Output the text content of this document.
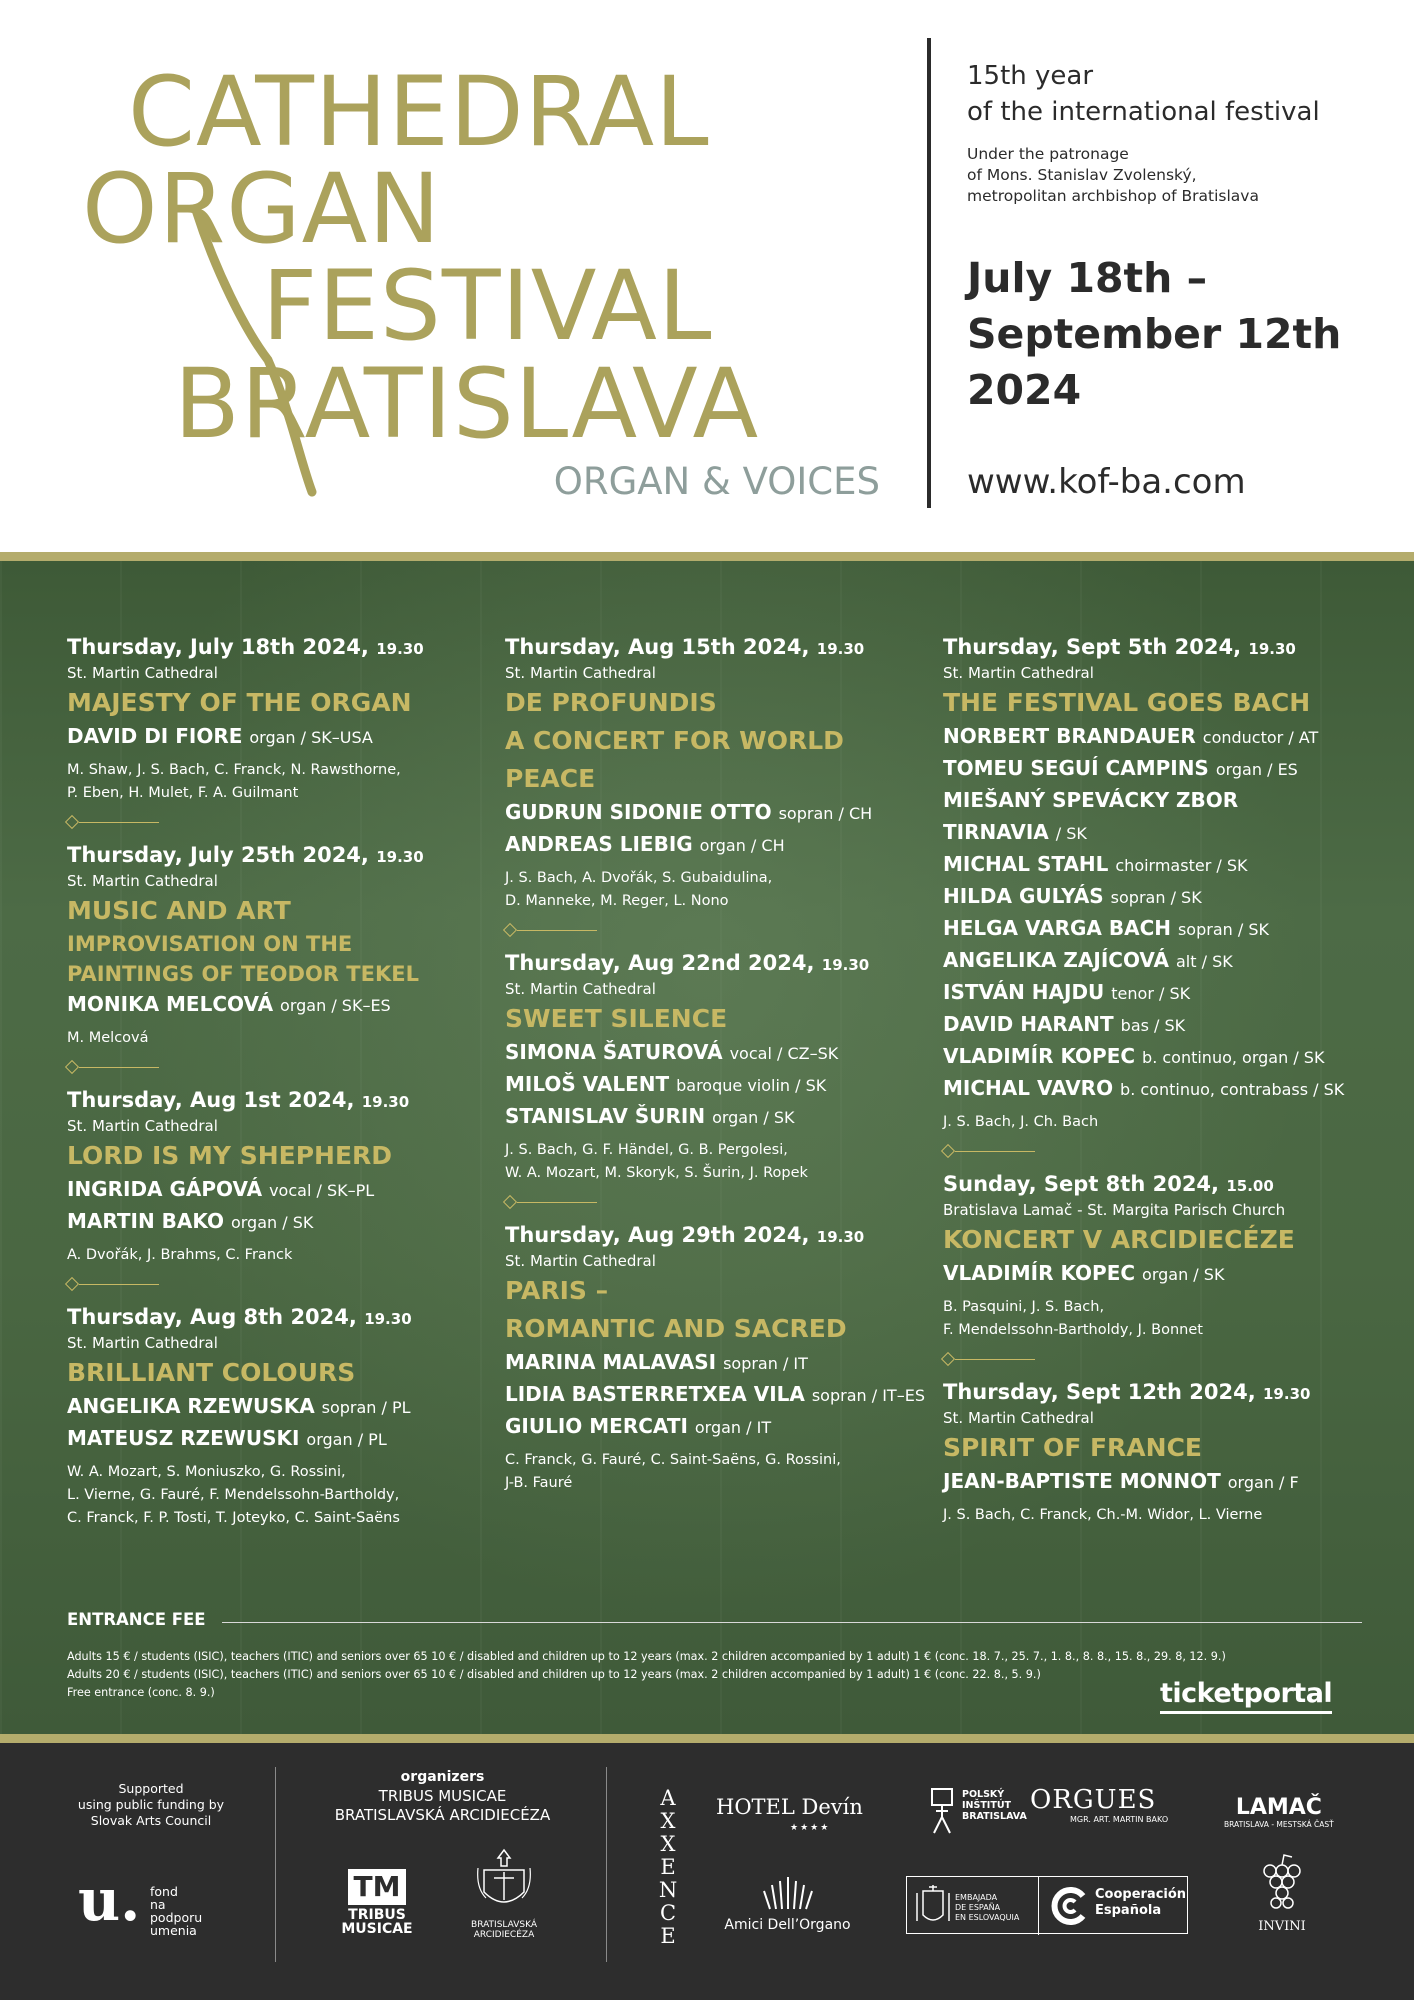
CATHEDRAL
ORGAN
FESTIVAL
BRATISLAVA
ORGAN & VOICES
15th year
of the international festival
Under the patronage
of Mons. Stanislav Zvolenský,
metropolitan archbishop of Bratislava
July 18th –
September 12th
2024
www.kof-ba.com
Thursday, July 18th 2024, 19.30
St. Martin Cathedral
MAJESTY OF THE ORGAN
DAVID DI FIORE organ / SK–USA
M. Shaw, J. S. Bach, C. Franck, N. Rawsthorne,
P. Eben, H. Mulet, F. A. Guilmant
Thursday, July 25th 2024, 19.30
St. Martin Cathedral
MUSIC AND ART
IMPROVISATION ON THE
PAINTINGS OF TEODOR TEKEL
MONIKA MELCOVÁ organ / SK–ES
M. Melcová
Thursday, Aug 1st 2024, 19.30
St. Martin Cathedral
LORD IS MY SHEPHERD
INGRIDA GÁPOVÁ vocal / SK–PL
MARTIN BAKO organ / SK
A. Dvořák, J. Brahms, C. Franck
Thursday, Aug 8th 2024, 19.30
St. Martin Cathedral
BRILLIANT COLOURS
ANGELIKA RZEWUSKA sopran / PL
MATEUSZ RZEWUSKI organ / PL
W. A. Mozart, S. Moniuszko, G. Rossini,
L. Vierne, G. Fauré, F. Mendelssohn-Bartholdy,
C. Franck, F. P. Tosti, T. Joteyko, C. Saint-Saëns
Thursday, Aug 15th 2024, 19.30
St. Martin Cathedral
DE PROFUNDIS
A CONCERT FOR WORLD
PEACE
GUDRUN SIDONIE OTTO sopran / CH
ANDREAS LIEBIG organ / CH
J. S. Bach, A. Dvořák, S. Gubaidulina,
D. Manneke, M. Reger, L. Nono
Thursday, Aug 22nd 2024, 19.30
St. Martin Cathedral
SWEET SILENCE
SIMONA ŠATUROVÁ vocal / CZ–SK
MILOŠ VALENT baroque violin / SK
STANISLAV ŠURIN organ / SK
J. S. Bach, G. F. Händel, G. B. Pergolesi,
W. A. Mozart, M. Skoryk, S. Šurin, J. Ropek
Thursday, Aug 29th 2024, 19.30
St. Martin Cathedral
PARIS –
ROMANTIC AND SACRED
MARINA MALAVASI sopran / IT
LIDIA BASTERRETXEA VILA sopran / IT–ES
GIULIO MERCATI organ / IT
C. Franck, G. Fauré, C. Saint-Saëns, G. Rossini,
J-B. Fauré
Thursday, Sept 5th 2024, 19.30
St. Martin Cathedral
THE FESTIVAL GOES BACH
NORBERT BRANDAUER conductor / AT
TOMEU SEGUÍ CAMPINS organ / ES
MIEŠANÝ SPEVÁCKY ZBOR
TIRNAVIA / SK
MICHAL STAHL choirmaster / SK
HILDA GULYÁS sopran / SK
HELGA VARGA BACH sopran / SK
ANGELIKA ZAJÍCOVÁ alt / SK
ISTVÁN HAJDU tenor / SK
DAVID HARANT bas / SK
VLADIMÍR KOPEC b. continuo, organ / SK
MICHAL VAVRO b. continuo, contrabass / SK
J. S. Bach, J. Ch. Bach
Sunday, Sept 8th 2024, 15.00
Bratislava Lamač - St. Margita Parisch Church
KONCERT V ARCIDIECÉZE
VLADIMÍR KOPEC organ / SK
B. Pasquini, J. S. Bach,
F. Mendelssohn-Bartholdy, J. Bonnet
Thursday, Sept 12th 2024, 19.30
St. Martin Cathedral
SPIRIT OF FRANCE
JEAN-BAPTISTE MONNOT organ / F
J. S. Bach, C. Franck, Ch.-M. Widor, L. Vierne
ENTRANCE FEE
Adults 15 € / students (ISIC), teachers (ITIC) and seniors over 65 10 € / disabled and children up to 12 years (max. 2 children accompanied by 1 adult) 1 € (conc. 18. 7., 25. 7., 1. 8., 8. 8., 15. 8., 29. 8, 12. 9.)
Adults 20 € / students (ISIC), teachers (ITIC) and seniors over 65 10 € / disabled and children up to 12 years (max. 2 children accompanied by 1 adult) 1 € (conc. 22. 8., 5. 9.)
Free entrance (conc. 8. 9.)	ticketportal
Supported
using public funding by
Slovak Arts Council
u. fond
na podporu
umenia
organizers
TRIBUS MUSICAE
BRATISLAVSKÁ ARCIDIECÉZA
TM
TRIBUS
MUSICAE	BRATISLAVSKÁ
ARCIDIECÉZA
A
X
X
E
N
C
E
HOTEL Devín
★★★★
POLSKÝ
INŠTITÚT
BRATISLAVA
ORGUES
MGR. ART. MARTIN BAKO	LAMAČ
BRATISLAVA - MESTSKÁ ČASŤ
Amici Dell’Organo
EMBAJADA
DE ESPAÑA
EN ESLOVAQUIA
Cooperación
Española
INVINI
